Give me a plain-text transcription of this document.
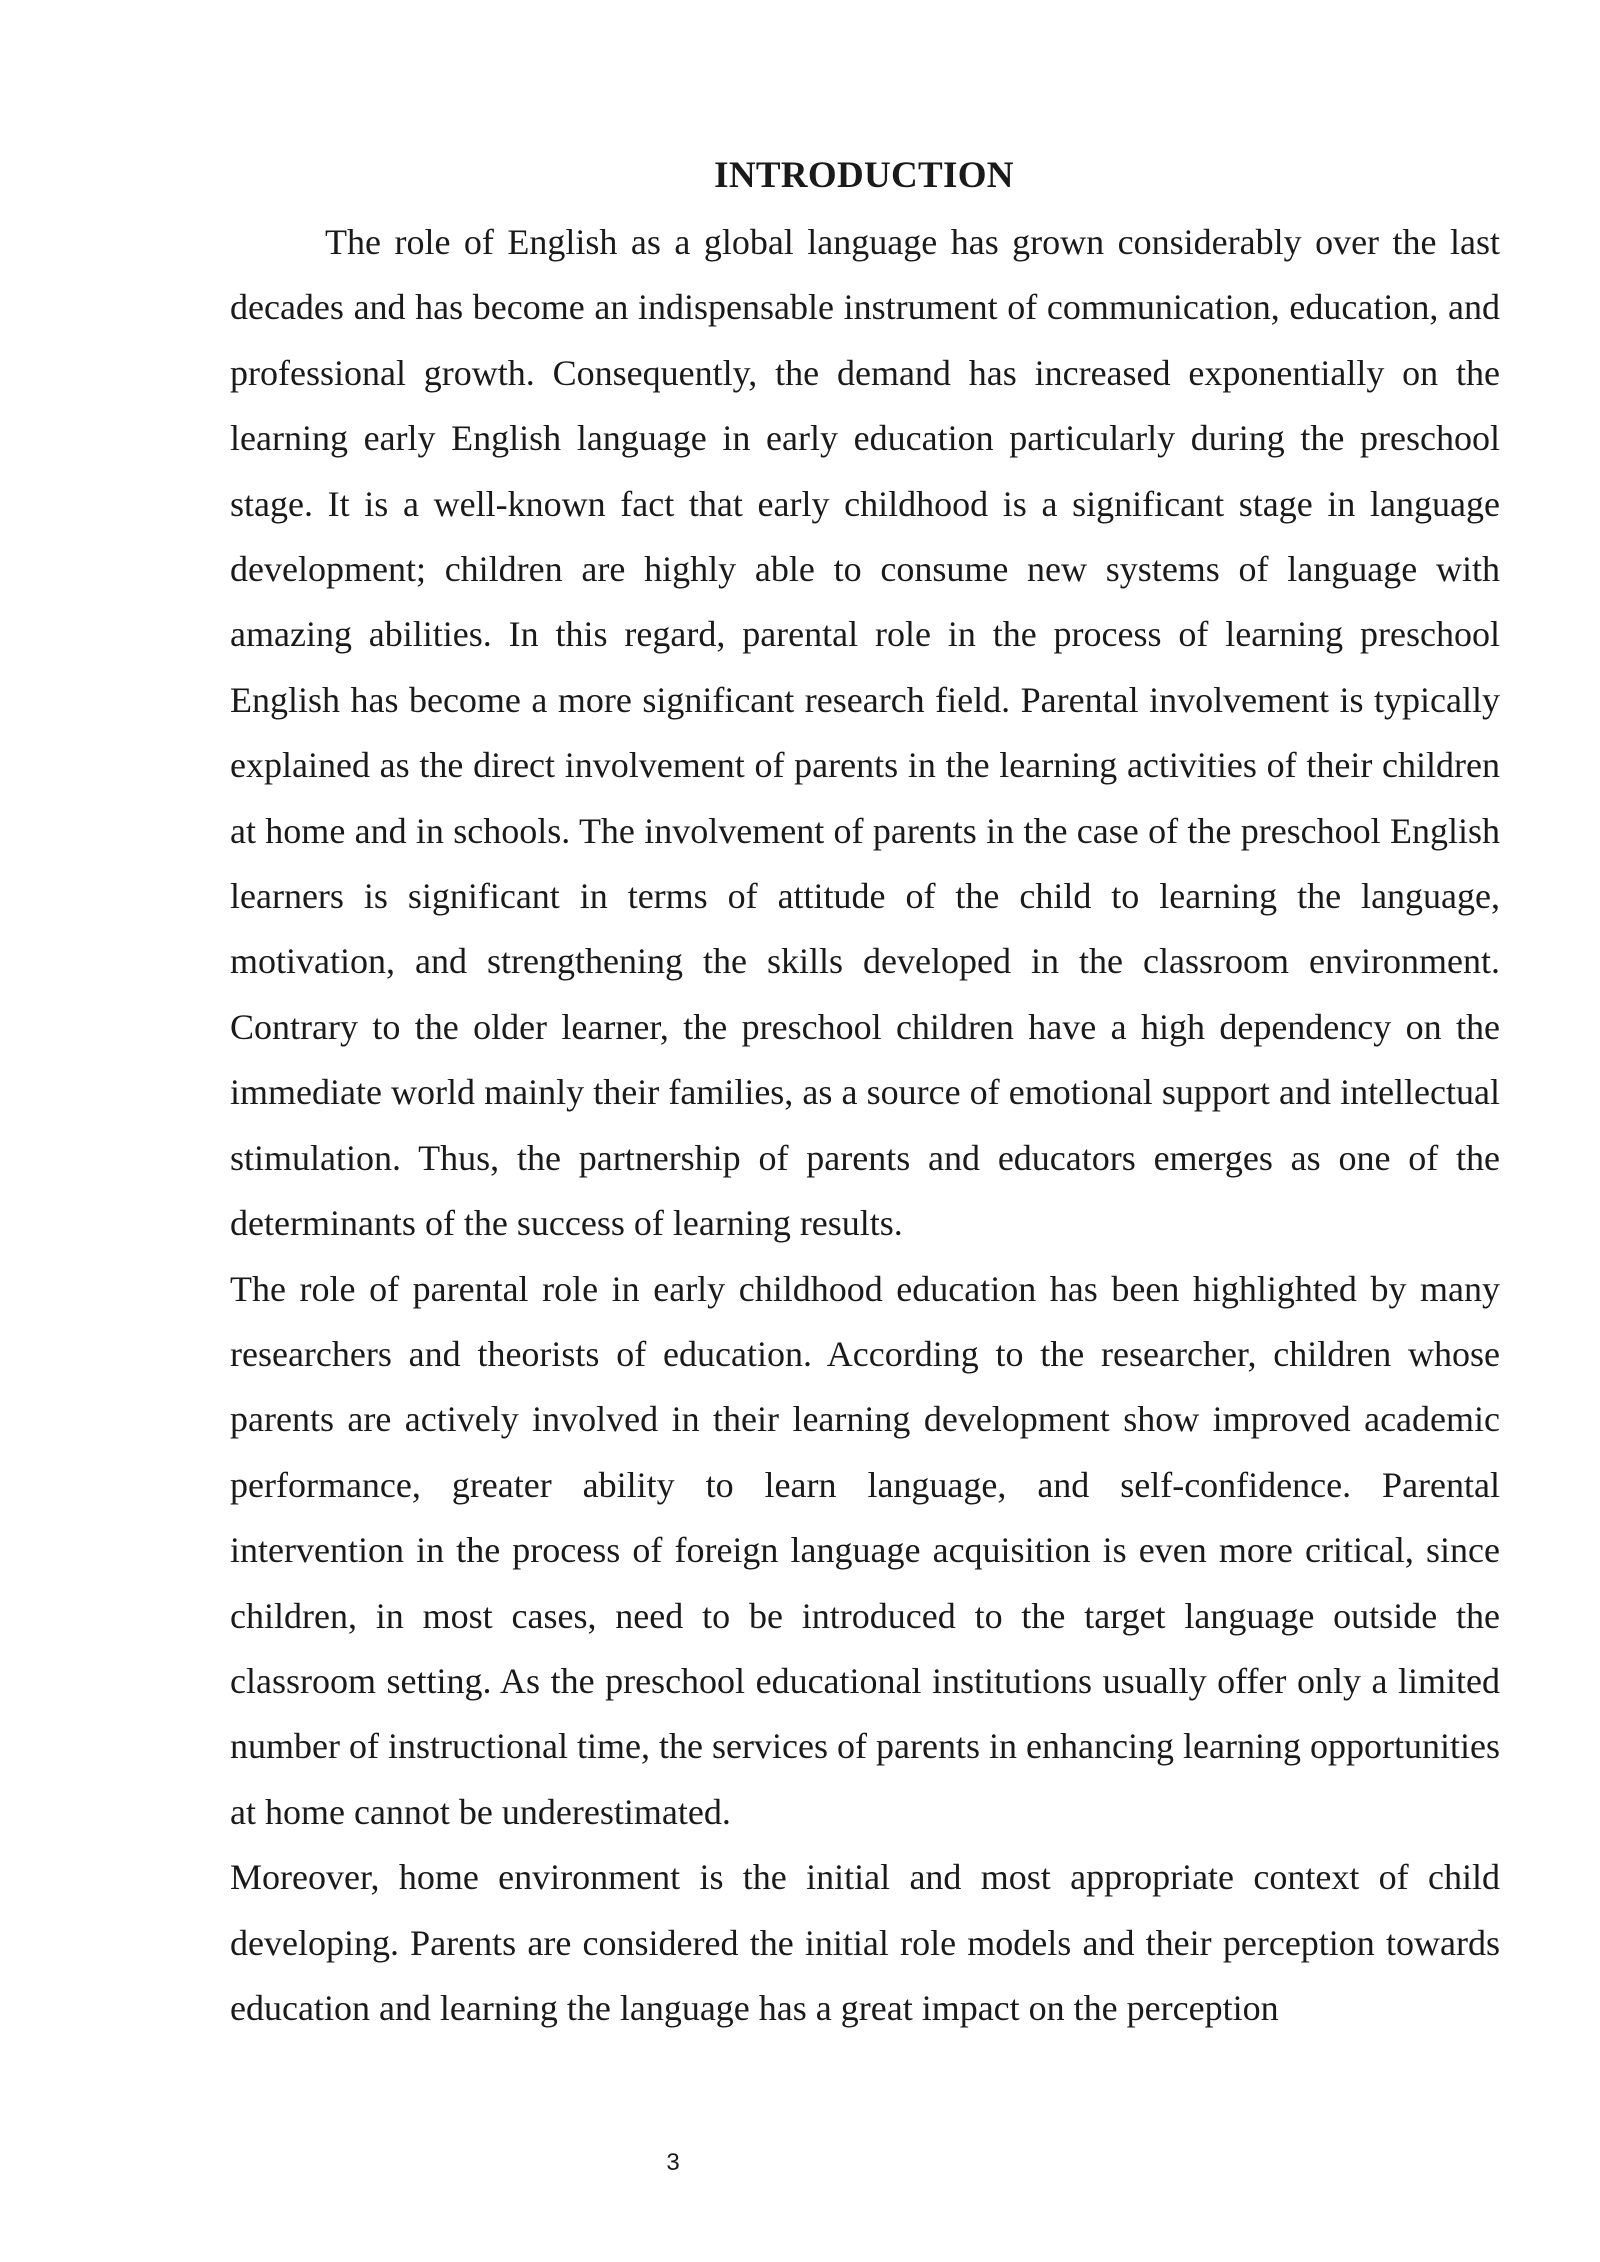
INTRODUCTION

The role of English as a global language has grown considerably over the last decades and has become an indispensable instrument of communication, education, and professional growth. Consequently, the demand has increased exponentially on the learning early English language in early education particularly during the preschool stage. It is a well-known fact that early childhood is a significant stage in language development; children are highly able to consume new systems of language with amazing abilities. In this regard, parental role in the process of learning preschool English has become a more significant research field. Parental involvement is typically explained as the direct involvement of parents in the learning activities of their children at home and in schools. The involvement of parents in the case of the preschool English learners is significant in terms of attitude of the child to learning the language, motivation, and strengthening the skills developed in the classroom environment. Contrary to the older learner, the preschool children have a high dependency on the immediate world mainly their families, as a source of emotional support and intellectual stimulation. Thus, the partnership of parents and educators emerges as one of the determinants of the success of learning results.

The role of parental role in early childhood education has been highlighted by many researchers and theorists of education. According to the researcher, children whose parents are actively involved in their learning development show improved academic performance, greater ability to learn language, and self-confidence. Parental intervention in the process of foreign language acquisition is even more critical, since children, in most cases, need to be introduced to the target language outside the classroom setting. As the preschool educational institutions usually offer only a limited number of instructional time, the services of parents in enhancing learning opportunities at home cannot be underestimated.

Moreover, home environment is the initial and most appropriate context of child developing. Parents are considered the initial role models and their perception towards education and learning the language has a great impact on the perception

3
